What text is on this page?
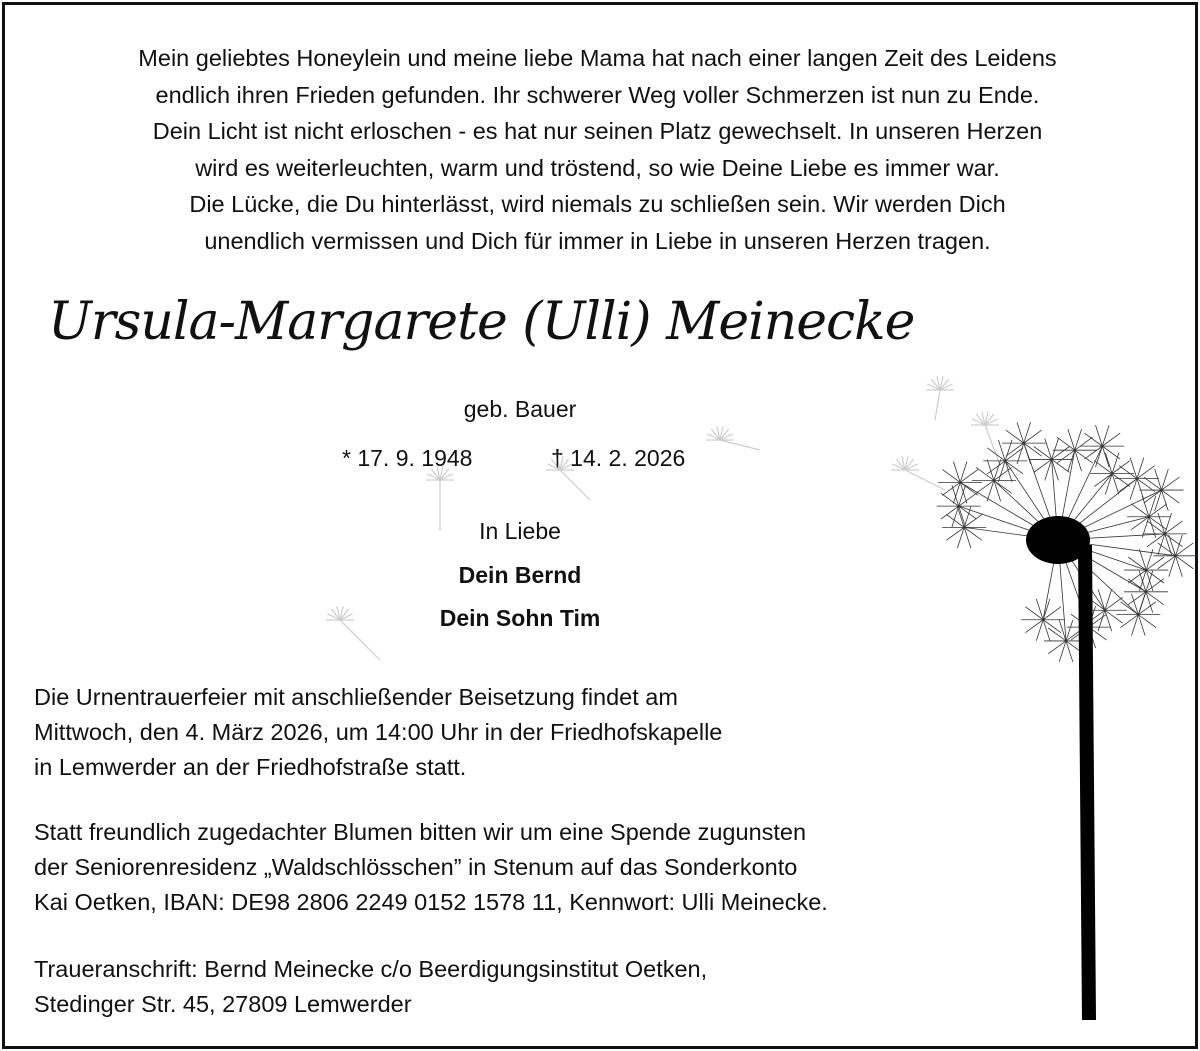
Mein geliebtes Honeylein und meine liebe Mama hat nach einer langen Zeit des Leidens
endlich ihren Frieden gefunden. Ihr schwerer Weg voller Schmerzen ist nun zu Ende.
Dein Licht ist nicht erloschen - es hat nur seinen Platz gewechselt. In unseren Herzen
wird es weiterleuchten, warm und tröstend, so wie Deine Liebe es immer war.
Die Lücke, die Du hinterlässt, wird niemals zu schließen sein. Wir werden Dich
unendlich vermissen und Dich für immer in Liebe in unseren Herzen tragen.
Ursula-Margarete (Ulli) Meinecke
geb. Bauer
* 17. 9. 1948	† 14. 2. 2026
In Liebe
Dein Bernd
Dein Sohn Tim
Die Urnentrauerfeier mit anschließender Beisetzung findet am
Mittwoch, den 4. März 2026, um 14:00 Uhr in der Friedhofskapelle
in Lemwerder an der Friedhofstraße statt.
Statt freundlich zugedachter Blumen bitten wir um eine Spende zugunsten
der Seniorenresidenz „Waldschlösschen” in Stenum auf das Sonderkonto
Kai Oetken, IBAN: DE98 2806 2249 0152 1578 11, Kennwort: Ulli Meinecke.
Traueranschrift: Bernd Meinecke c/o Beerdigungsinstitut Oetken,
Stedinger Str. 45, 27809 Lemwerder
